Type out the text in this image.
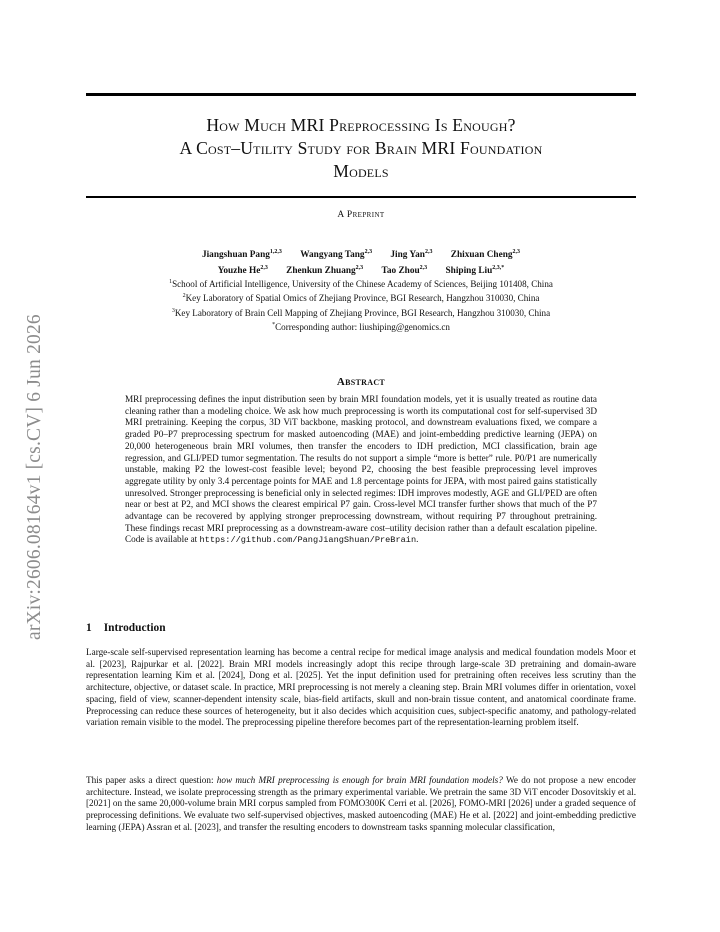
arXiv:2606.08164v1 [cs.CV] 6 Jun 2026
How Much MRI Preprocessing Is Enough?
A Cost–Utility Study for Brain MRI Foundation
Models
A Preprint
Jiangshuan Pang$^{1,2,3}$ Wangyang Tang$^{2,3}$ Jing Yan$^{2,3}$ Zhixuan Cheng$^{2,3}$
Youzhe He$^{2,3}$ Zhenkun Zhuang$^{2,3}$ Tao Zhou$^{2,3}$ Shiping Liu$^{2,3,*}$
$^1$School of Artificial Intelligence, University of the Chinese Academy of Sciences, Beijing 101408, China
$^2$Key Laboratory of Spatial Omics of Zhejiang Province, BGI Research, Hangzhou 310030, China
$^3$Key Laboratory of Brain Cell Mapping of Zhejiang Province, BGI Research, Hangzhou 310030, China
*Corresponding author: liushiping@genomics.cn
Abstract

MRI preprocessing defines the input distribution seen by brain MRI foundation models, yet it is usually treated as routine data cleaning rather than a modeling choice. We ask how much preprocessing is worth its computational cost for self-supervised 3D MRI pretraining. Keeping the corpus, 3D ViT backbone, masking protocol, and downstream evaluations fixed, we compare a graded P0–P7 preprocessing spectrum for masked autoencoding (MAE) and joint-embedding predictive learning (JEPA) on 20,000 heterogeneous brain MRI volumes, then transfer the encoders to IDH prediction, MCI classification, brain age regression, and GLI/PED tumor segmentation. The results do not support a simple “more is better” rule. P0/P1 are numerically unstable, making P2 the lowest-cost feasible level; beyond P2, choosing the best feasible preprocessing level improves aggregate utility by only 3.4 percentage points for MAE and 1.8 percentage points for JEPA, with most paired gains statistically unresolved. Stronger preprocessing is beneficial only in selected regimes: IDH improves modestly, AGE and GLI/PED are often near or best at P2, and MCI shows the clearest empirical P7 gain. Cross-level MCI transfer further shows that much of the P7 advantage can be recovered by applying stronger preprocessing downstream, without requiring P7 throughout pretraining. These findings recast MRI preprocessing as a downstream-aware cost–utility decision rather than a default escalation pipeline. Code is available at https://github.com/PangJiangShuan/PreBrain.

1 Introduction

Large-scale self-supervised representation learning has become a central recipe for medical image analysis and medical foundation models Moor et al. [2023], Rajpurkar et al. [2022]. Brain MRI models increasingly adopt this recipe through large-scale 3D pretraining and domain-aware representation learning Kim et al. [2024], Dong et al. [2025]. Yet the input definition used for pretraining often receives less scrutiny than the architecture, objective, or dataset scale. In practice, MRI preprocessing is not merely a cleaning step. Brain MRI volumes differ in orientation, voxel spacing, field of view, scanner-dependent intensity scale, bias-field artifacts, skull and non-brain tissue content, and anatomical coordinate frame. Preprocessing can reduce these sources of heterogeneity, but it also decides which acquisition cues, subject-specific anatomy, and pathology-related variation remain visible to the model. The preprocessing pipeline therefore becomes part of the representation-learning problem itself.

This paper asks a direct question: how much MRI preprocessing is enough for brain MRI foundation models? We do not propose a new encoder architecture. Instead, we isolate preprocessing strength as the primary experimental variable. We pretrain the same 3D ViT encoder Dosovitskiy et al. [2021] on the same 20,000-volume brain MRI corpus sampled from FOMO300K Cerri et al. [2026], FOMO-MRI [2026] under a graded sequence of preprocessing definitions. We evaluate two self-supervised objectives, masked autoencoding (MAE) He et al. [2022] and joint-embedding predictive learning (JEPA) Assran et al. [2023], and transfer the resulting encoders to downstream tasks spanning molecular classification,
